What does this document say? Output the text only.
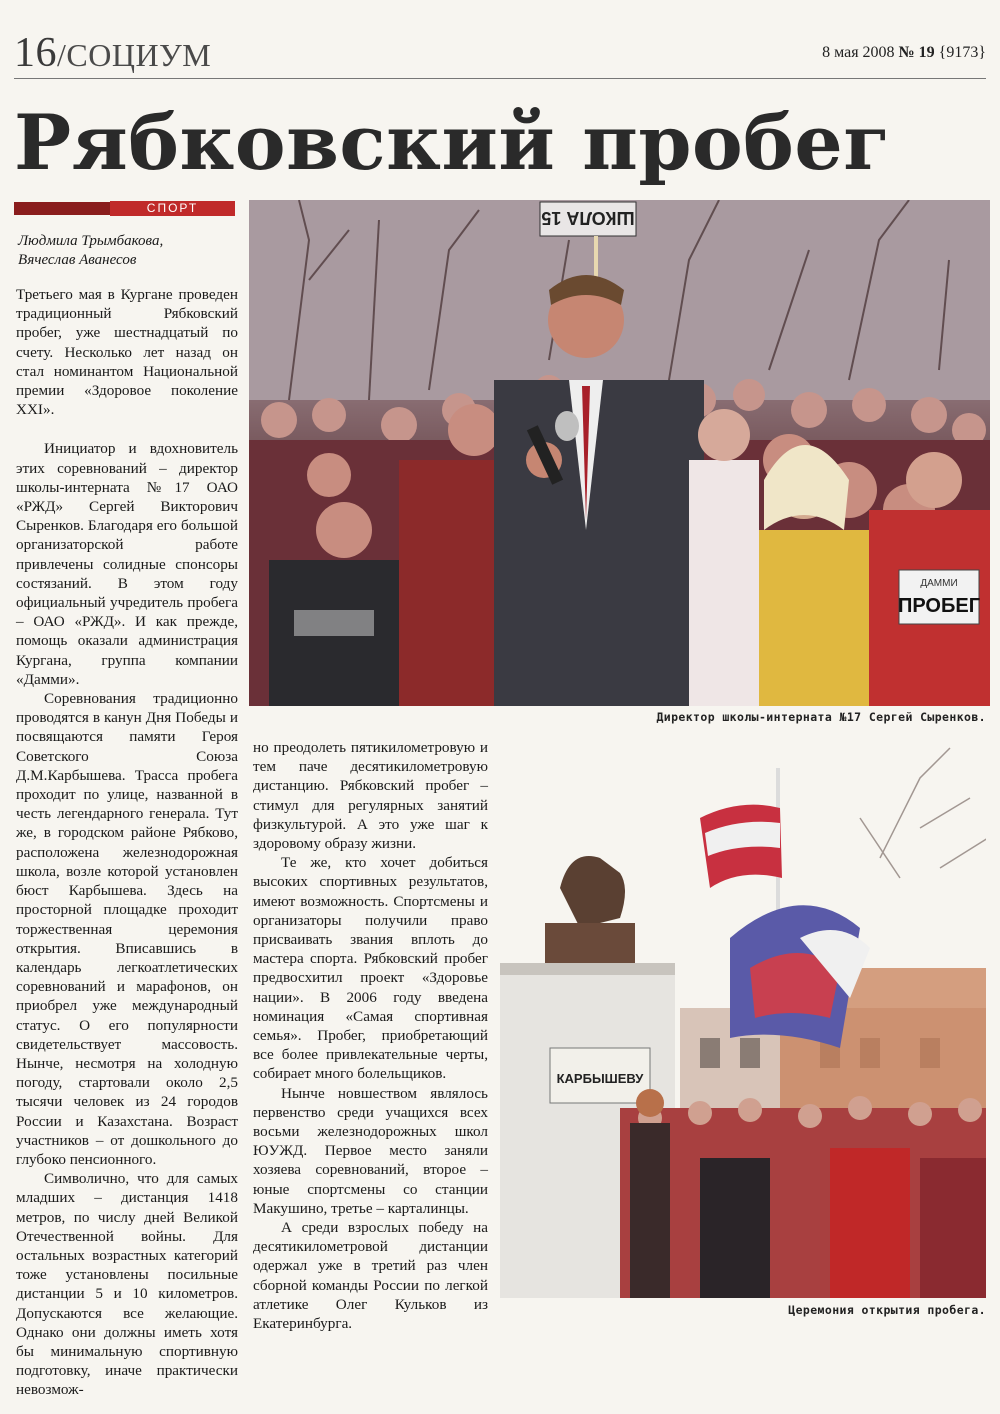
16/СОЦИУМ	8 мая 2008 № 19 {9173}
Рябковский пробег
СПОРТ
Людмила Трымбакова,
Вячеслав Аванесов

Третьего мая в Кургане проведен традиционный Рябковский пробег, уже шестнадцатый по счету. Несколько лет назад он стал номинантом Национальной премии «Здоровое поколение XXI».

Инициатор и вдохновитель этих соревнований – директор школы-интерната №17 ОАО «РЖД» Сергей Викторович Сыренков. Благодаря его большой организаторской работе привлечены солидные спонсоры состязаний. В этом году официальный учредитель пробега – ОАО «РЖД». И как прежде, помощь оказали администрация Кургана, группа компании «Дамми».

Соревнования традиционно проводятся в канун Дня Победы и посвящаются памяти Героя Советского Союза Д.М.Карбышева. Трасса пробега проходит по улице, названной в честь легендарного генерала. Тут же, в городском районе Рябково, расположена железнодорожная школа, возле которой установлен бюст Карбышева. Здесь на просторной площадке проходит торжественная церемония открытия. Вписавшись в календарь легкоатлетических соревнований и марафонов, он приобрел уже международный статус. О его популярности свидетельствует массовость. Нынче, несмотря на холодную погоду, стартовали около 2,5 тысячи человек из 24 городов России и Казахстана. Возраст участников – от дошкольного до глубоко пенсионного.

Символично, что для самых младших – дистанция 1418 метров, по числу дней Великой Отечественной войны. Для остальных возрастных категорий тоже установлены посильные дистанции 5 и 10 километров. Допускаются все желающие. Однако они должны иметь хотя бы минимальную спортивную подготовку, иначе практически невозмож-

ШКОЛА 15
ДАММИ
ПРОБЕГ
Директор школы-интерната №17 Сергей Сыренков.

но преодолеть пятикилометровую и тем паче десятикилометровую дистанцию. Рябковский пробег – стимул для регулярных занятий физкультурой. А это уже шаг к здоровому образу жизни.

Те же, кто хочет добиться высоких спортивных результатов, имеют возможность. Спортсмены и организаторы получили право присваивать звания вплоть до мастера спорта. Рябковский пробег предвосхитил проект «Здоровье нации». В 2006 году введена номинация «Самая спортивная семья». Пробег, приобретающий все более привлекательные черты, собирает много болельщиков.

Нынче новшеством являлось первенство среди учащихся всех восьми железнодорожных школ ЮУЖД. Первое место заняли хозяева соревнований, второе – юные спортсмены со станции Макушино, третье – карталинцы.

А среди взрослых победу на десятикилометровой дистанции одержал уже в третий раз член сборной команды России по легкой атлетике Олег Кульков из Екатеринбурга.

КАРБЫШЕВУ
Церемония открытия пробега.
